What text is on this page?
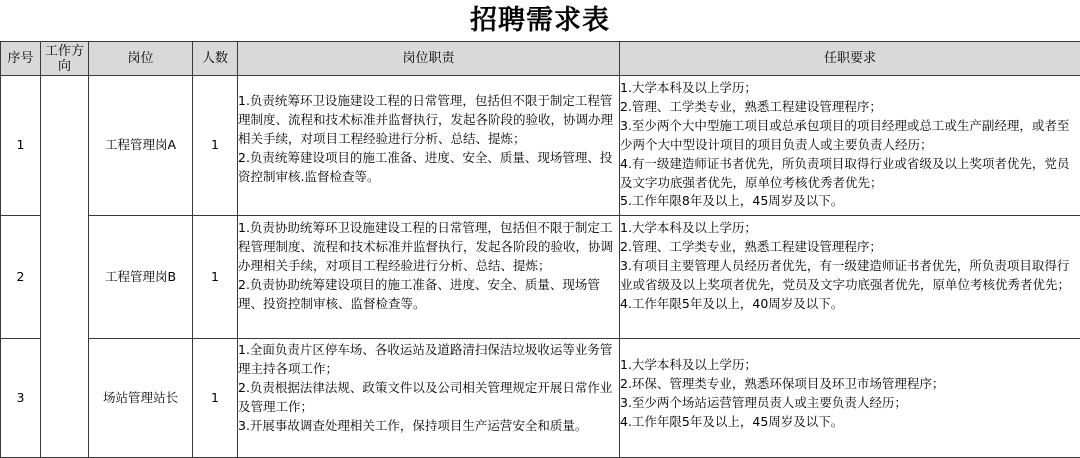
招聘需求表
序号	工作方向	岗位	人数	岗位职责	任职要求
1		工程管理岗A	1	1.负责统筹环卫设施建设工程的日常管理，包括但不限于制定工程管理制度、流程和技术标准并监督执行，发起各阶段的验收，协调办理相关手续，对项目工程经验进行分析、总结、提炼；
2.负责统筹建设项目的施工准备、进度、安全、质量、现场管理、投资控制审核.监督检查等。	1.大学本科及以上学历；
2.管理、工学类专业，熟悉工程建设管理程序；
3.至少两个大中型施工项目或总承包项目的项目经理或总工或生产副经理，或者至少两个大中型设计项目的项目负责人或主要负责人经历；
4.有一级建造师证书者优先，所负责项目取得行业或省级及以上奖项者优先，党员及文字功底强者优先，原单位考核优秀者优先；
5.工作年限8年及以上，45周岁及以下。

2		工程管理岗B	1	1.负责协助统筹环卫设施建设工程的日常管理，包括但不限于制定工程管理制度、流程和技术标准并监督执行，发起各阶段的验收，协调办理相关手续，对项目工程经验进行分析、总结、提炼；
2.负责协助统筹建设项目的施工准备、进度、安全、质量、现场管理、投资控制审核、监督检查等。	1.大学本科及以上学历；
2.管理、工学类专业，熟悉工程建设管理程序；
3.有项目主要管理人员经历者优先，有一级建造师证书者优先，所负责项目取得行业或省级及以上奖项者优先，党员及文字功底强者优先，原单位考核优秀者优先；
4.工作年限5年及以上，40周岁及以下。

3		场站管理站长	1	1.全面负责片区停车场、各收运站及道路清扫保洁垃圾收运等业务管理主持各项工作；
2.负责根据法律法规、政策文件以及公司相关管理规定开展日常作业及管理工作；
3.开展事故调查处理相关工作，保持项目生产运营安全和质量。	1.大学本科及以上学历；
2.环保、管理类专业，熟悉环保项目及环卫市场管理程序；
3.至少两个场站运营管理员责人或主要负责人经历；
4.工作年限5年及以上，45周岁及以下。
